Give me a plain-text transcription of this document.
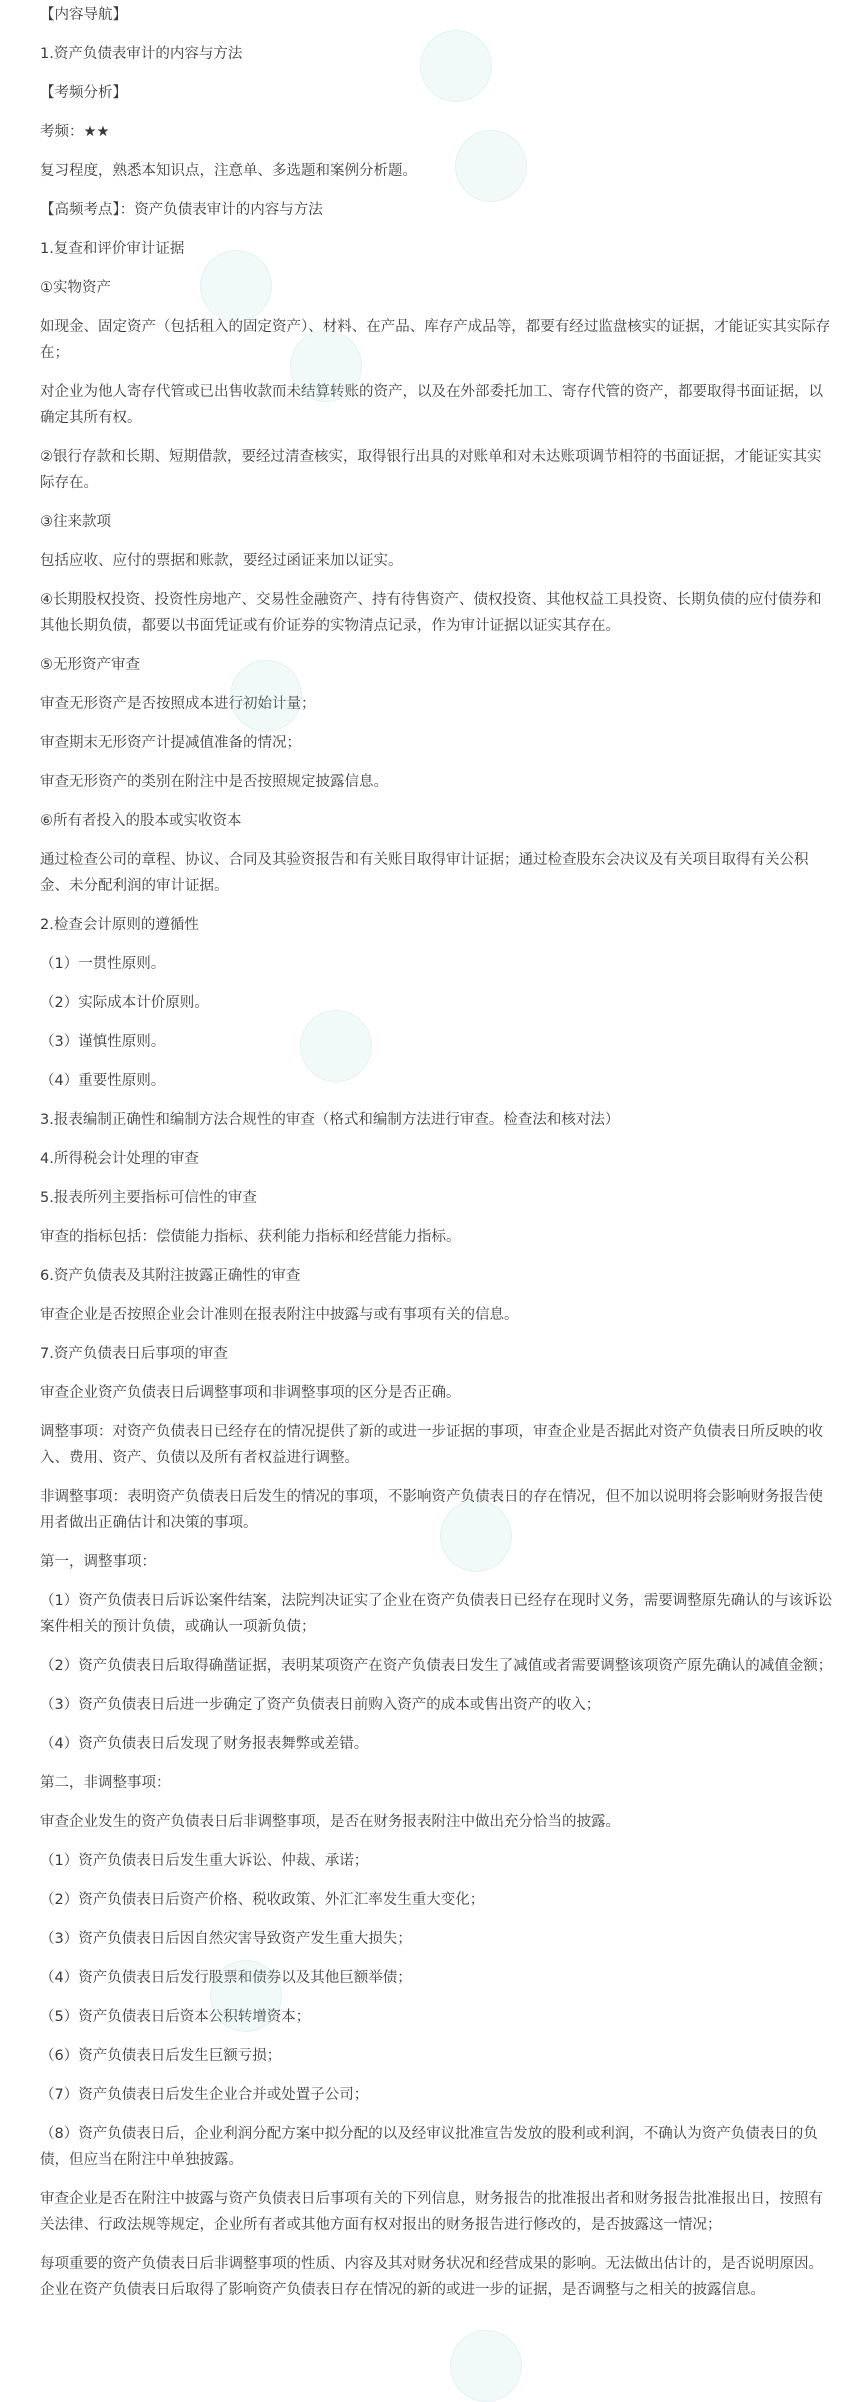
【内容导航】
1.资产负债表审计的内容与方法
【考频分析】
考频：★★
复习程度，熟悉本知识点，注意单、多选题和案例分析题。
【高频考点】：资产负债表审计的内容与方法
1.复查和评价审计证据
①实物资产
如现金、固定资产（包括租入的固定资产）、材料、在产品、库存产成品等，都要有经过监盘核实的证据，才能证实其实际存在；
对企业为他人寄存代管或已出售收款而未结算转账的资产，以及在外部委托加工、寄存代管的资产，都要取得书面证据，以确定其所有权。
②银行存款和长期、短期借款，要经过清查核实，取得银行出具的对账单和对未达账项调节相符的书面证据，才能证实其实际存在。
③往来款项
包括应收、应付的票据和账款，要经过函证来加以证实。
④长期股权投资、投资性房地产、交易性金融资产、持有待售资产、债权投资、其他权益工具投资、长期负债的应付债券和其他长期负债，都要以书面凭证或有价证券的实物清点记录，作为审计证据以证实其存在。
⑤无形资产审查
审查无形资产是否按照成本进行初始计量；
审查期末无形资产计提减值准备的情况；
审查无形资产的类别在附注中是否按照规定披露信息。
⑥所有者投入的股本或实收资本
通过检查公司的章程、协议、合同及其验资报告和有关账目取得审计证据；通过检查股东会决议及有关项目取得有关公积金、未分配利润的审计证据。
2.检查会计原则的遵循性
（1）一贯性原则。
（2）实际成本计价原则。
（3）谨慎性原则。
（4）重要性原则。
3.报表编制正确性和编制方法合规性的审查（格式和编制方法进行审查。检查法和核对法）
4.所得税会计处理的审查
5.报表所列主要指标可信性的审查
审查的指标包括：偿债能力指标、获利能力指标和经营能力指标。
6.资产负债表及其附注披露正确性的审查
审查企业是否按照企业会计准则在报表附注中披露与或有事项有关的信息。
7.资产负债表日后事项的审查
审查企业资产负债表日后调整事项和非调整事项的区分是否正确。
调整事项：对资产负债表日已经存在的情况提供了新的或进一步证据的事项，审查企业是否据此对资产负债表日所反映的收入、费用、资产、负债以及所有者权益进行调整。
非调整事项：表明资产负债表日后发生的情况的事项，不影响资产负债表日的存在情况，但不加以说明将会影响财务报告使用者做出正确估计和决策的事项。
第一，调整事项：
（1）资产负债表日后诉讼案件结案，法院判决证实了企业在资产负债表日已经存在现时义务，需要调整原先确认的与该诉讼案件相关的预计负债，或确认一项新负债；
（2）资产负债表日后取得确凿证据，表明某项资产在资产负债表日发生了减值或者需要调整该项资产原先确认的减值金额；
（3）资产负债表日后进一步确定了资产负债表日前购入资产的成本或售出资产的收入；
（4）资产负债表日后发现了财务报表舞弊或差错。
第二，非调整事项：
审查企业发生的资产负债表日后非调整事项，是否在财务报表附注中做出充分恰当的披露。
（1）资产负债表日后发生重大诉讼、仲裁、承诺；
（2）资产负债表日后资产价格、税收政策、外汇汇率发生重大变化；
（3）资产负债表日后因自然灾害导致资产发生重大损失；
（4）资产负债表日后发行股票和债券以及其他巨额举债；
（5）资产负债表日后资本公积转增资本；
（6）资产负债表日后发生巨额亏损；
（7）资产负债表日后发生企业合并或处置子公司；
（8）资产负债表日后，企业利润分配方案中拟分配的以及经审议批准宣告发放的股利或利润，不确认为资产负债表日的负债，但应当在附注中单独披露。
审查企业是否在附注中披露与资产负债表日后事项有关的下列信息，财务报告的批准报出者和财务报告批准报出日，按照有关法律、行政法规等规定，企业所有者或其他方面有权对报出的财务报告进行修改的，是否披露这一情况；
每项重要的资产负债表日后非调整事项的性质、内容及其对财务状况和经营成果的影响。无法做出估计的，是否说明原因。企业在资产负债表日后取得了影响资产负债表日存在情况的新的或进一步的证据，是否调整与之相关的披露信息。
